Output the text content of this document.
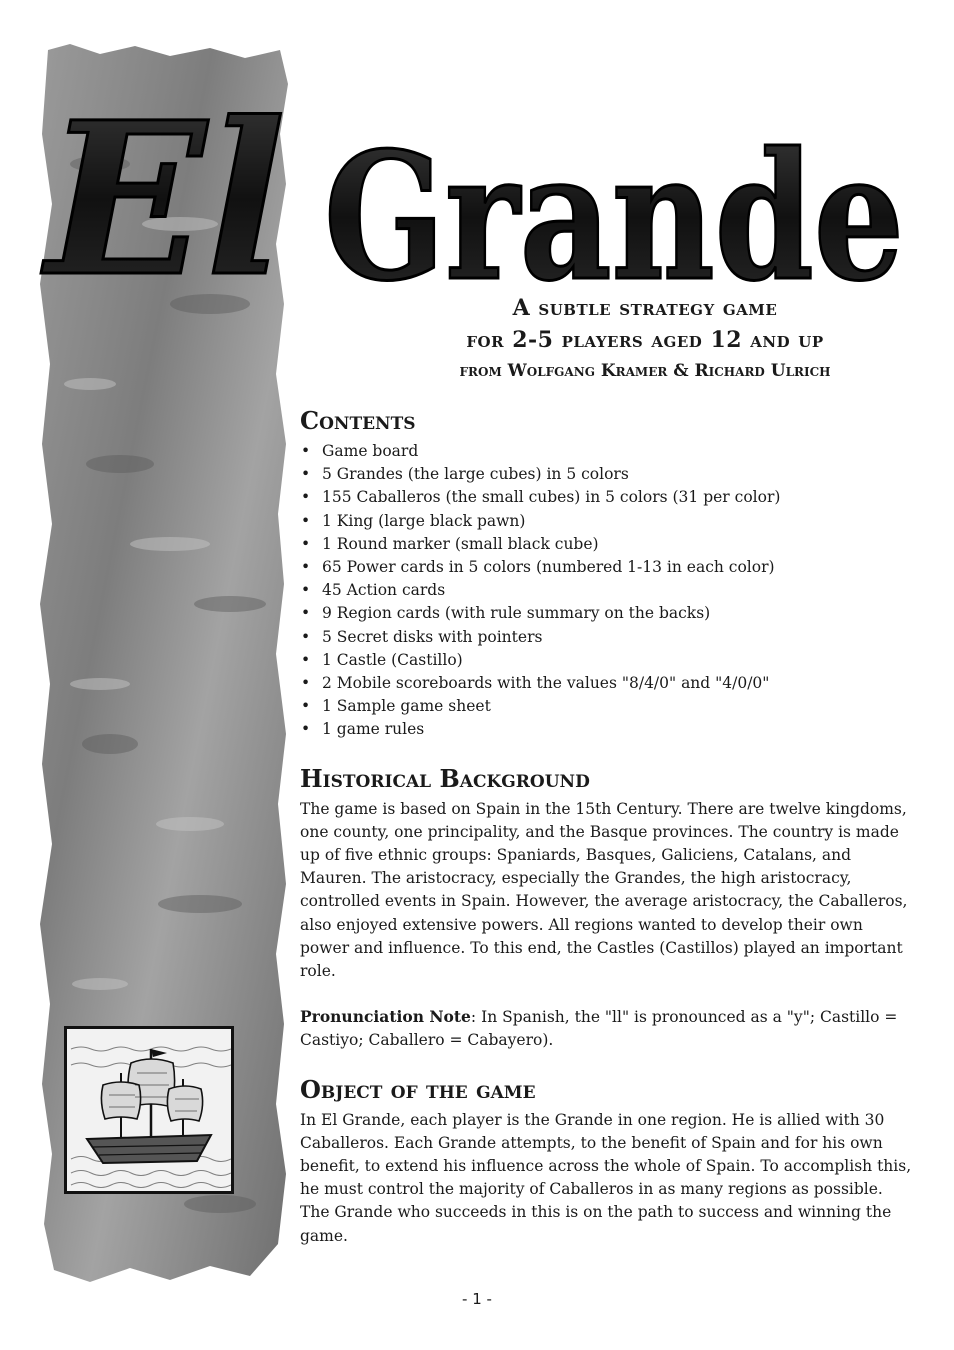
El Grande
A subtle strategy game
for 2-5 players aged 12 and up
from Wolfgang Kramer & Richard Ulrich
Contents
• Game board
• 5 Grandes (the large cubes) in 5 colors
• 155 Caballeros (the small cubes) in 5 colors (31 per color)
• 1 King (large black pawn)
• 1 Round marker (small black cube)
• 65 Power cards in 5 colors (numbered 1-13 in each color)
• 45 Action cards
• 9 Region cards (with rule summary on the backs)
• 5 Secret disks with pointers
• 1 Castle (Castillo)
• 2 Mobile scoreboards with the values "8/4/0" and "4/0/0"
• 1 Sample game sheet
• 1 game rules
Historical Background

The game is based on Spain in the 15th Century. There are twelve kingdoms, one county, one principality, and the Basque provinces. The country is made up of five ethnic groups: Spaniards, Basques, Galiciens, Catalans, and Mauren. The aristocracy, especially the Grandes, the high aristocracy, controlled events in Spain. However, the average aristocracy, the Caballeros, also enjoyed extensive powers. All regions wanted to develop their own power and influence. To this end, the Castles (Castillos) played an important role.

Pronunciation Note: In Spanish, the "ll" is pronounced as a "y"; Castillo = Castiyo; Caballero = Cabayero).

Object of the game

In El Grande, each player is the Grande in one region. He is allied with 30 Caballeros. Each Grande attempts, to the benefit of Spain and for his own benefit, to extend his influence across the whole of Spain. To accomplish this, he must control the majority of Caballeros in as many regions as possible. The Grande who succeeds in this is on the path to success and winning the game.

- 1 -
